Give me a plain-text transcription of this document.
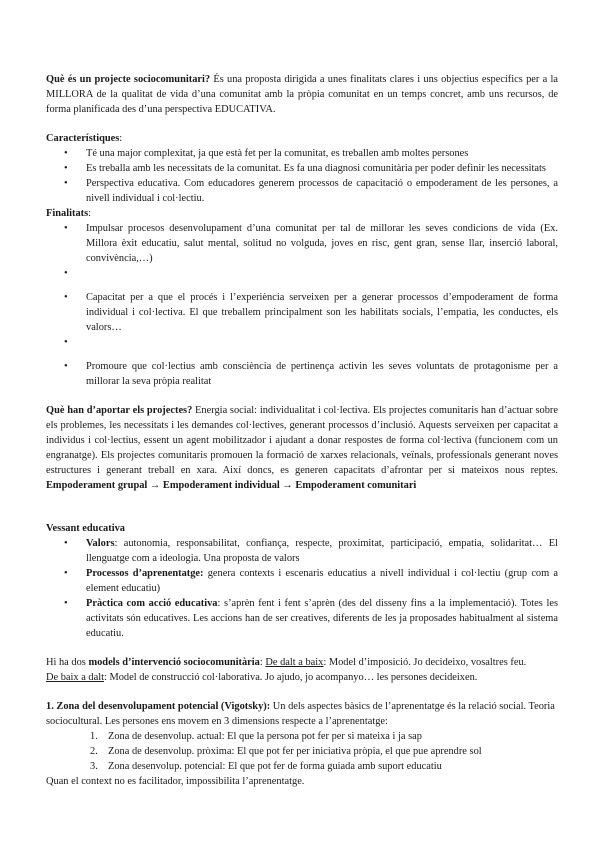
Què és un projecte sociocomunitari? És una proposta dirigida a unes finalitats clares i uns objectius específics per a la MILLORA de la qualitat de vida d’una comunitat amb la pròpia comunitat en un temps concret, amb uns recursos, de forma planificada des d’una perspectiva EDUCATIVA.

Característiques:

• Té una major complexitat, ja que està fet per la comunitat, es treballen amb moltes persones
• Es treballa amb les necessitats de la comunitat. Es fa una diagnosi comunitària per poder definir les necessitats
• Perspectiva educativa. Com educadores generem processos de capacitació o empoderament de les persones, a nivell individual i col·lectiu.

Finalitats:

• Impulsar procesos desenvolupament d’una comunitat per tal de millorar les seves condicions de vida (Ex. Millora èxit educatiu, salut mental, solitud no volguda, joves en risc, gent gran, sense llar, inserció laboral, convivència,…)
•
• Capacitat per a que el procés i l’experiència serveixen per a generar processos d’empoderament de forma individual i col·lectiva. El que treballem principalment son les habilitats socials, l’empatia, les conductes, els valors…
•
• Promoure que col·lectius amb consciència de pertinença activin les seves voluntats de protagonisme per a millorar la seva pròpia realitat

Què han d’aportar els projectes? Energia social: individualitat i col·lectiva. Els projectes comunitaris han d’actuar sobre els problemes, les necessitats i les demandes col·lectives, generant processos d’inclusió. Aquests serveixen per capacitat a individus i col·lectius, essent un agent mobilitzador i ajudant a donar respostes de forma col·lectiva (funcionem com un engranatge). Els projectes comunitaris promouen la formació de xarxes relacionals, veïnals, professionals generant noves estructures i generant treball en xara. Així doncs, es generen capacitats d’afrontar per si mateixos nous reptes. Empoderament grupal → Empoderament individual → Empoderament comunitari

Vessant educativa

• Valors: autonomia, responsabilitat, confiança, respecte, proximitat, participació, empatia, solidaritat… El llenguatge com a ideologia. Una proposta de valors
• Processos d’aprenentatge: genera contexts i escenaris educatius a nivell individual i col·lectiu (grup com a element educatiu)
• Pràctica com acció educativa: s’aprèn fent i fent s’aprèn (des del disseny fins a la implementació). Totes les activitats són educatives. Les accions han de ser creatives, diferents de les ja proposades habitualment al sistema educatiu.

Hi ha dos models d’intervenció sociocomunitària: De dalt a baix: Model d’imposició. Jo decideixo, vosaltres feu.

De baix a dalt: Model de construcció col·laborativa. Jo ajudo, jo acompanyo… les persones decideixen.

1. Zona del desenvolupament potencial (Vigotsky): Un dels aspectes bàsics de l’aprenentatge és la relació social. Teoria sociocultural. Les persones ens movem en 3 dimensions respecte a l’aprenentatge:

1. Zona de desenvolup. actual: El que la persona pot fer per si mateixa i ja sap
2. Zona de desenvolup. pròxima: El que pot fer per iniciativa pròpia, el que pue aprendre sol
3. Zona desenvolup. potencial: El que pot fer de forma guiada amb suport educatiu

Quan el context no es facilitador, impossibilita l’aprenentatge.
